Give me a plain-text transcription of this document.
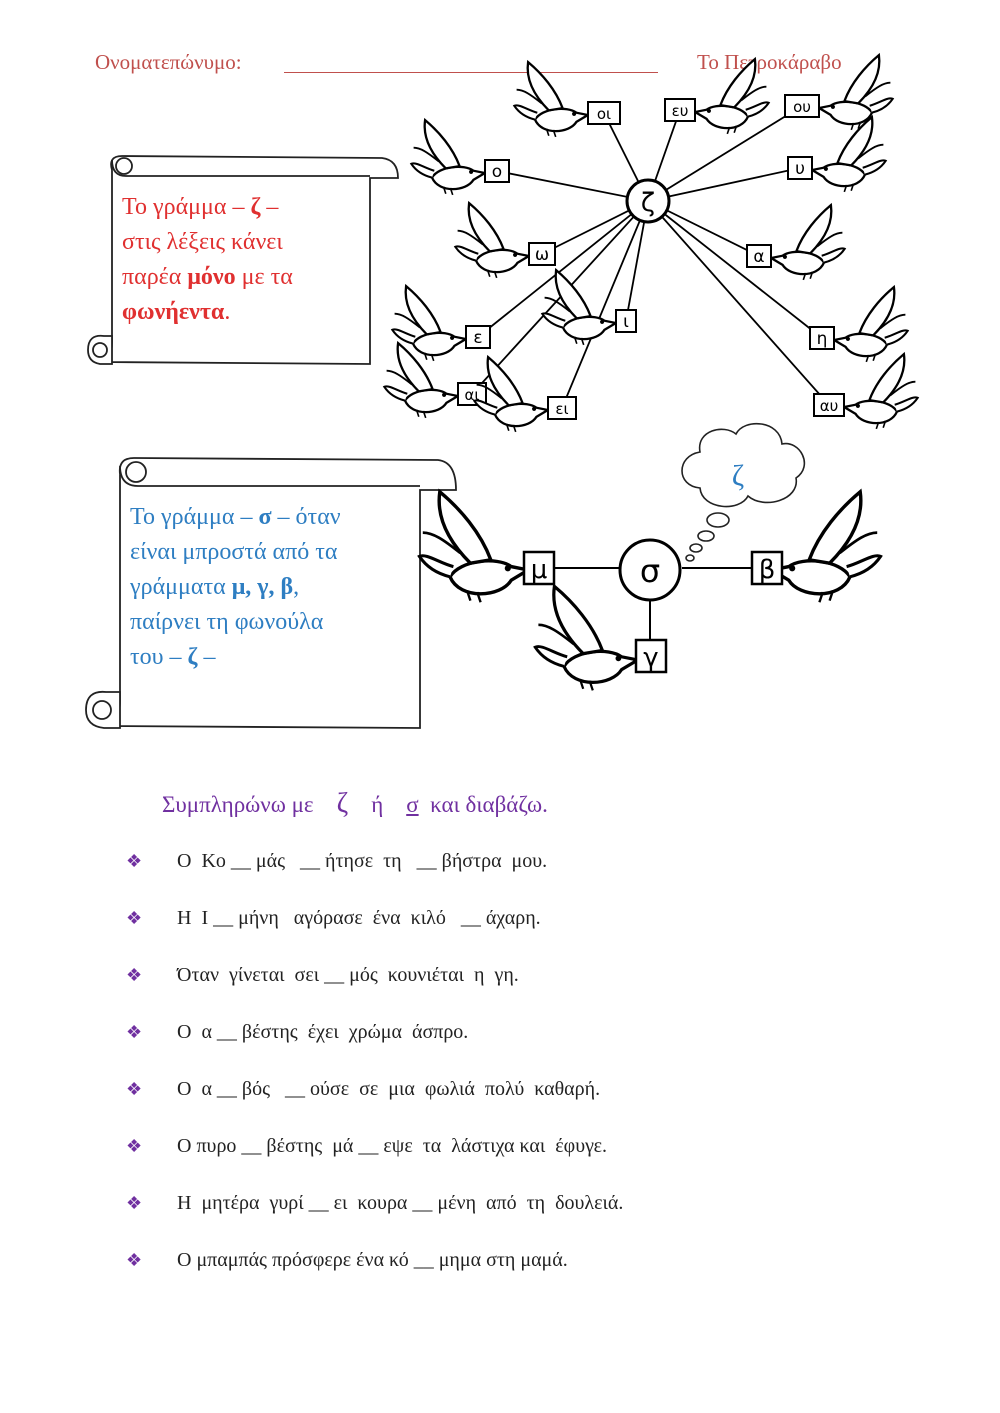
Ονοματεπώνυμο:	Το Πετροκάραβο
ζ
οι	ευ	ου
ο	υ
ω	α
ι
ε	η
αι
ει	αυ
ζ
σ
μ	β
γ
Το γράμμα – ζ –
στις λέξεις κάνει
παρέα μόνο με τα
φωνήεντα.
Το γράμμα – σ – όταν
είναι μπροστά από τα
γράμματα μ, γ, β,
παίρνει τη φωνούλα
του – ζ –
Συμπληρώνω με    ζ    ή    σ  και διαβάζω.
❖ Ο  Κο __ μάς   __ ήτησε  τη   __ βήστρα  μου.
❖ Η  Ι __ μήνη   αγόρασε  ένα  κιλό   __ άχαρη.
❖ Όταν  γίνεται  σει __ μός  κουνιέται  η  γη.
❖ Ο  α __ βέστης  έχει  χρώμα  άσπρο.
❖ Ο  α __ βός   __ ούσε  σε  μια  φωλιά  πολύ  καθαρή.
❖ Ο πυρο __ βέστης  μά __ εψε  τα  λάστιχα και  έφυγε.
❖ Η  μητέρα  γυρί __ ει  κουρα __ μένη  από  τη  δουλειά.
❖ Ο μπαμπάς πρόσφερε ένα κό __ μημα στη μαμά.
